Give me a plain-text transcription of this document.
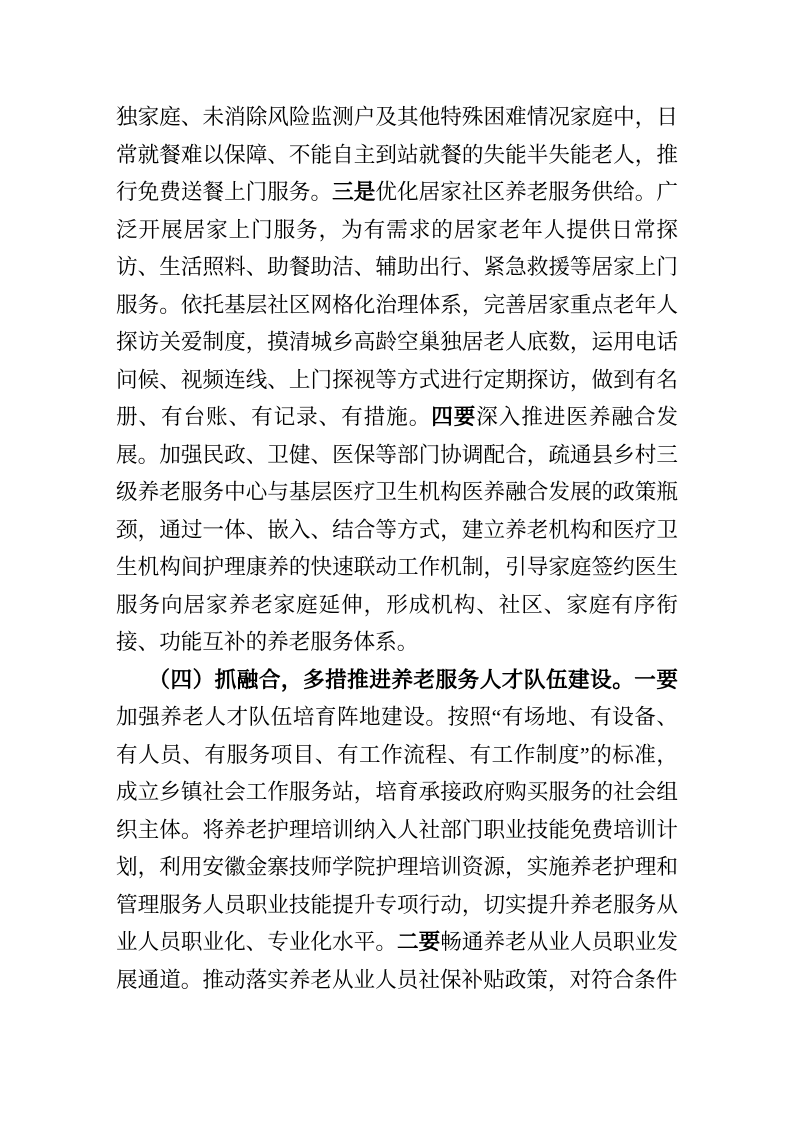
独家庭、未消除风险监测户及其他特殊困难情况家庭中，日常就餐难以保障、不能自主到站就餐的失能半失能老人，推行免费送餐上门服务。三是优化居家社区养老服务供给。广泛开展居家上门服务，为有需求的居家老年人提供日常探访、生活照料、助餐助洁、辅助出行、紧急救援等居家上门服务。依托基层社区网格化治理体系，完善居家重点老年人探访关爱制度，摸清城乡高龄空巢独居老人底数，运用电话问候、视频连线、上门探视等方式进行定期探访，做到有名册、有台账、有记录、有措施。四要深入推进医养融合发展。加强民政、卫健、医保等部门协调配合，疏通县乡村三级养老服务中心与基层医疗卫生机构医养融合发展的政策瓶颈，通过一体、嵌入、结合等方式，建立养老机构和医疗卫生机构间护理康养的快速联动工作机制，引导家庭签约医生服务向居家养老家庭延伸，形成机构、社区、家庭有序衔接、功能互补的养老服务体系。

（四）抓融合，多措推进养老服务人才队伍建设。一要加强养老人才队伍培育阵地建设。按照“有场地、有设备、有人员、有服务项目、有工作流程、有工作制度”的标准，成立乡镇社会工作服务站，培育承接政府购买服务的社会组织主体。将养老护理培训纳入人社部门职业技能免费培训计划，利用安徽金寨技师学院护理培训资源，实施养老护理和管理服务人员职业技能提升专项行动，切实提升养老服务从业人员职业化、专业化水平。二要畅通养老从业人员职业发展通道。推动落实养老从业人员社保补贴政策，对符合条件
